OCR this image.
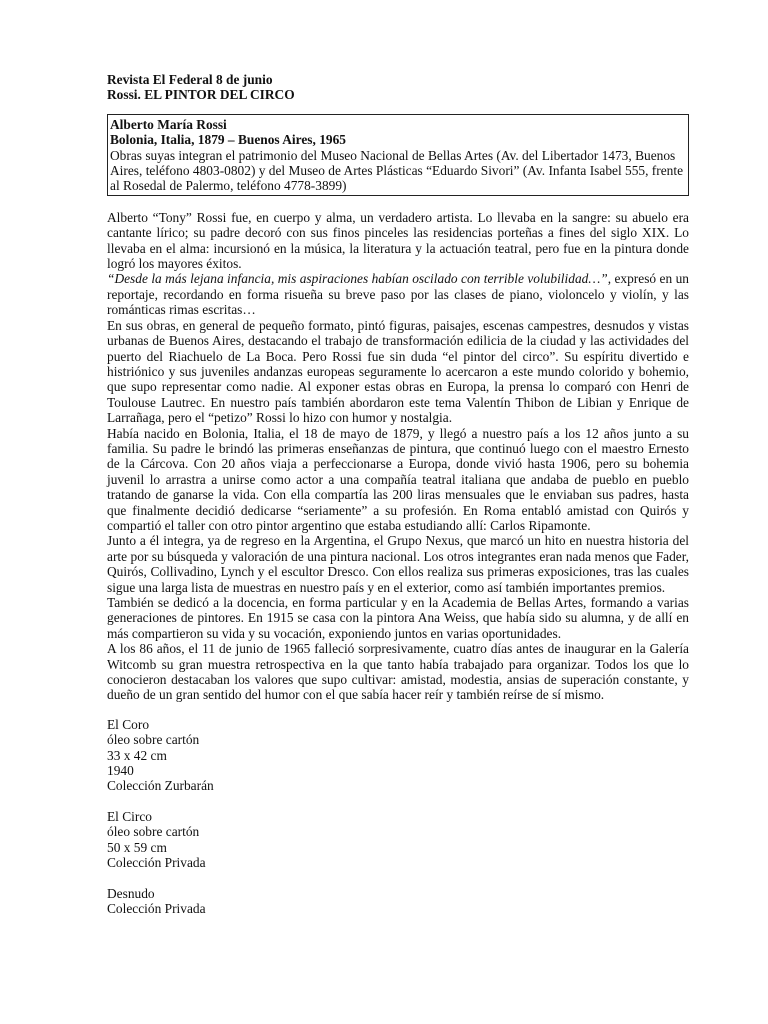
Revista El Federal 8 de junio
Rossi. EL PINTOR DEL CIRCO
Alberto María Rossi
Bolonia, Italia, 1879 – Buenos Aires, 1965

Obras suyas integran el patrimonio del Museo Nacional de Bellas Artes (Av. del Libertador 1473, Buenos Aires, teléfono 4803-0802) y del Museo de Artes Plásticas “Eduardo Sivori” (Av. Infanta Isabel 555, frente al Rosedal de Palermo, teléfono 4778-3899)

Alberto “Tony” Rossi fue, en cuerpo y alma, un verdadero artista. Lo llevaba en la sangre: su abuelo era cantante lírico; su padre decoró con sus finos pinceles las residencias porteñas a fines del siglo XIX. Lo llevaba en el alma: incursionó en la música, la literatura y la actuación teatral, pero fue en la pintura donde logró los mayores éxitos.

“Desde la más lejana infancia, mis aspiraciones habían oscilado con terrible volubilidad…”, expresó en un reportaje, recordando en forma risueña su breve paso por las clases de piano, violoncelo y violín, y las románticas rimas escritas…

En sus obras, en general de pequeño formato, pintó figuras, paisajes, escenas campestres, desnudos y vistas urbanas de Buenos Aires, destacando el trabajo de transformación edilicia de la ciudad y las actividades del puerto del Riachuelo de La Boca. Pero Rossi fue sin duda “el pintor del circo”. Su espíritu divertido e histriónico y sus juveniles andanzas europeas seguramente lo acercaron a este mundo colorido y bohemio, que supo representar como nadie. Al exponer estas obras en Europa, la prensa lo comparó con Henri de Toulouse Lautrec. En nuestro país también abordaron este tema Valentín Thibon de Libian y Enrique de Larrañaga, pero el “petizo” Rossi lo hizo con humor y nostalgia.

Había nacido en Bolonia, Italia, el 18 de mayo de 1879, y llegó a nuestro país a los 12 años junto a su familia. Su padre le brindó las primeras enseñanzas de pintura, que continuó luego con el maestro Ernesto de la Cárcova. Con 20 años viaja a perfeccionarse a Europa, donde vivió hasta 1906, pero su bohemia juvenil lo arrastra a unirse como actor a una compañía teatral italiana que andaba de pueblo en pueblo tratando de ganarse la vida. Con ella compartía las 200 liras mensuales que le enviaban sus padres, hasta que finalmente decidió dedicarse “seriamente” a su profesión. En Roma entabló amistad con Quirós y compartió el taller con otro pintor argentino que estaba estudiando allí: Carlos Ripamonte.

Junto a él integra, ya de regreso en la Argentina, el Grupo Nexus, que marcó un hito en nuestra historia del arte por su búsqueda y valoración de una pintura nacional. Los otros integrantes eran nada menos que Fader, Quirós, Collivadino, Lynch y el escultor Dresco. Con ellos realiza sus primeras exposiciones, tras las cuales sigue una larga lista de muestras en nuestro país y en el exterior, como así también importantes premios.

También se dedicó a la docencia, en forma particular y en la Academia de Bellas Artes, formando a varias generaciones de pintores. En 1915 se casa con la pintora Ana Weiss, que había sido su alumna, y de allí en más compartieron su vida y su vocación, exponiendo juntos en varias oportunidades.

A los 86 años, el 11 de junio de 1965 falleció sorpresivamente, cuatro días antes de inaugurar en la Galería Witcomb su gran muestra retrospectiva en la que tanto había trabajado para organizar. Todos los que lo conocieron destacaban los valores que supo cultivar: amistad, modestia, ansias de superación constante, y dueño de un gran sentido del humor con el que sabía hacer reír y también reírse de sí mismo.

El Coro
óleo sobre cartón
33 x 42 cm
1940
Colección Zurbarán
El Circo
óleo sobre cartón
50 x 59 cm
Colección Privada
Desnudo
Colección Privada
